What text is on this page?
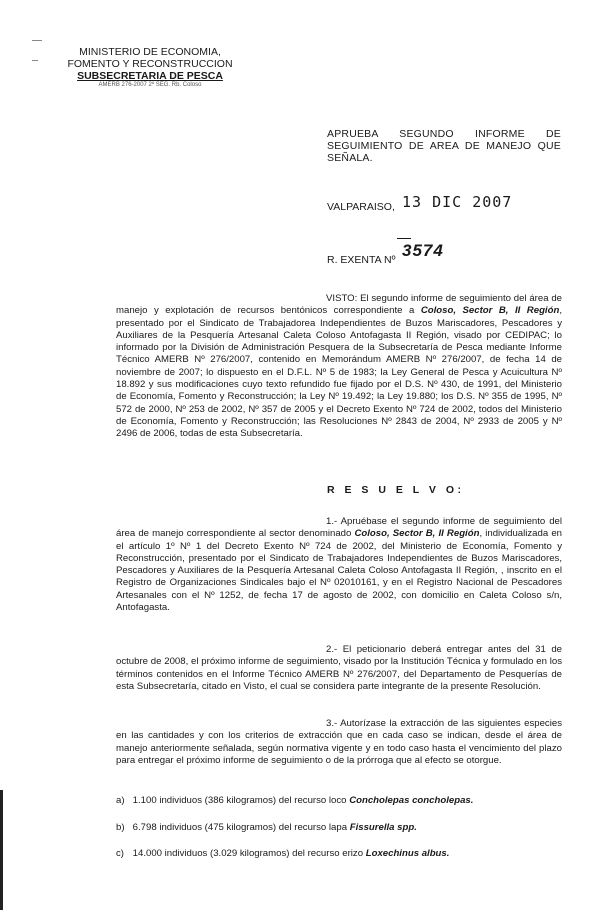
MINISTERIO DE ECONOMIA,
FOMENTO Y RECONSTRUCCION
SUBSECRETARIA DE PESCA
AMERB 276-2007 2º SEG. Rb. Coloso
APRUEBA SEGUNDO INFORME DE SEGUIMIENTO DE AREA DE MANEJO QUE SEÑALA.
VALPARAISO, 13 DIC 2007
R. EXENTA Nº 3574
VISTO: El segundo informe de seguimiento del área de manejo y explotación de recursos bentónicos correspondiente a Coloso, Sector B, II Región, presentado por el Sindicato de Trabajadorea Independientes de Buzos Mariscadores, Pescadores y Auxiliares de la Pesquería Artesanal Caleta Coloso Antofagasta II Región, visado por CEDIPAC; lo informado por la División de Administración Pesquera de la Subsecretaría de Pesca mediante Informe Técnico AMERB Nº 276/2007, contenido en Memorándum AMERB Nº 276/2007, de fecha 14 de noviembre de 2007; lo dispuesto en el D.F.L. Nº 5 de 1983; la Ley General de Pesca y Acuicultura Nº 18.892 y sus modificaciones cuyo texto refundido fue fijado por el D.S. Nº 430, de 1991, del Ministerio de Economía, Fomento y Reconstrucción; la Ley Nº 19.492; la Ley 19.880; los D.S. Nº 355 de 1995, Nº 572 de 2000, Nº 253 de 2002, Nº 357 de 2005 y el Decreto Exento Nº 724 de 2002, todos del Ministerio de Economía, Fomento y Reconstrucción; las Resoluciones Nº 2843 de 2004, Nº 2933 de 2005 y Nº 2496 de 2006, todas de esta Subsecretaría.
R E S U E L V O:
1.- Apruébase el segundo informe de seguimiento del área de manejo correspondiente al sector denominado Coloso, Sector B, II Región, individualizada en el artículo 1º Nº 1 del Decreto Exento Nº 724 de 2002, del Ministerio de Economía, Fomento y Reconstrucción, presentado por el Sindicato de Trabajadores Independientes de Buzos Mariscadores, Pescadores y Auxiliares de la Pesquería Artesanal Caleta Coloso Antofagasta II Región, , inscrito en el Registro de Organizaciones Sindicales bajo el Nº 02010161, y en el Registro Nacional de Pescadores Artesanales con el Nº 1252, de fecha 17 de agosto de 2002, con domicilio en Caleta Coloso s/n, Antofagasta.
2.- El peticionario deberá entregar antes del 31 de octubre de 2008, el próximo informe de seguimiento, visado por la Institución Técnica y formulado en los términos contenidos en el Informe Técnico AMERB Nº 276/2007, del Departamento de Pesquerías de esta Subsecretaría, citado en Visto, el cual se considera parte integrante de la presente Resolución.
3.- Autorízase la extracción de las siguientes especies en las cantidades y con los criterios de extracción que en cada caso se indican, desde el área de manejo anteriormente señalada, según normativa vigente y en todo caso hasta el vencimiento del plazo para entregar el próximo informe de seguimiento o de la prórroga que al efecto se otorgue.
a) 1.100 individuos (386 kilogramos) del recurso loco Concholepas concholepas.
b) 6.798 individuos (475 kilogramos) del recurso lapa Fissurella spp.
c) 14.000 individuos (3.029 kilogramos) del recurso erizo Loxechinus albus.
